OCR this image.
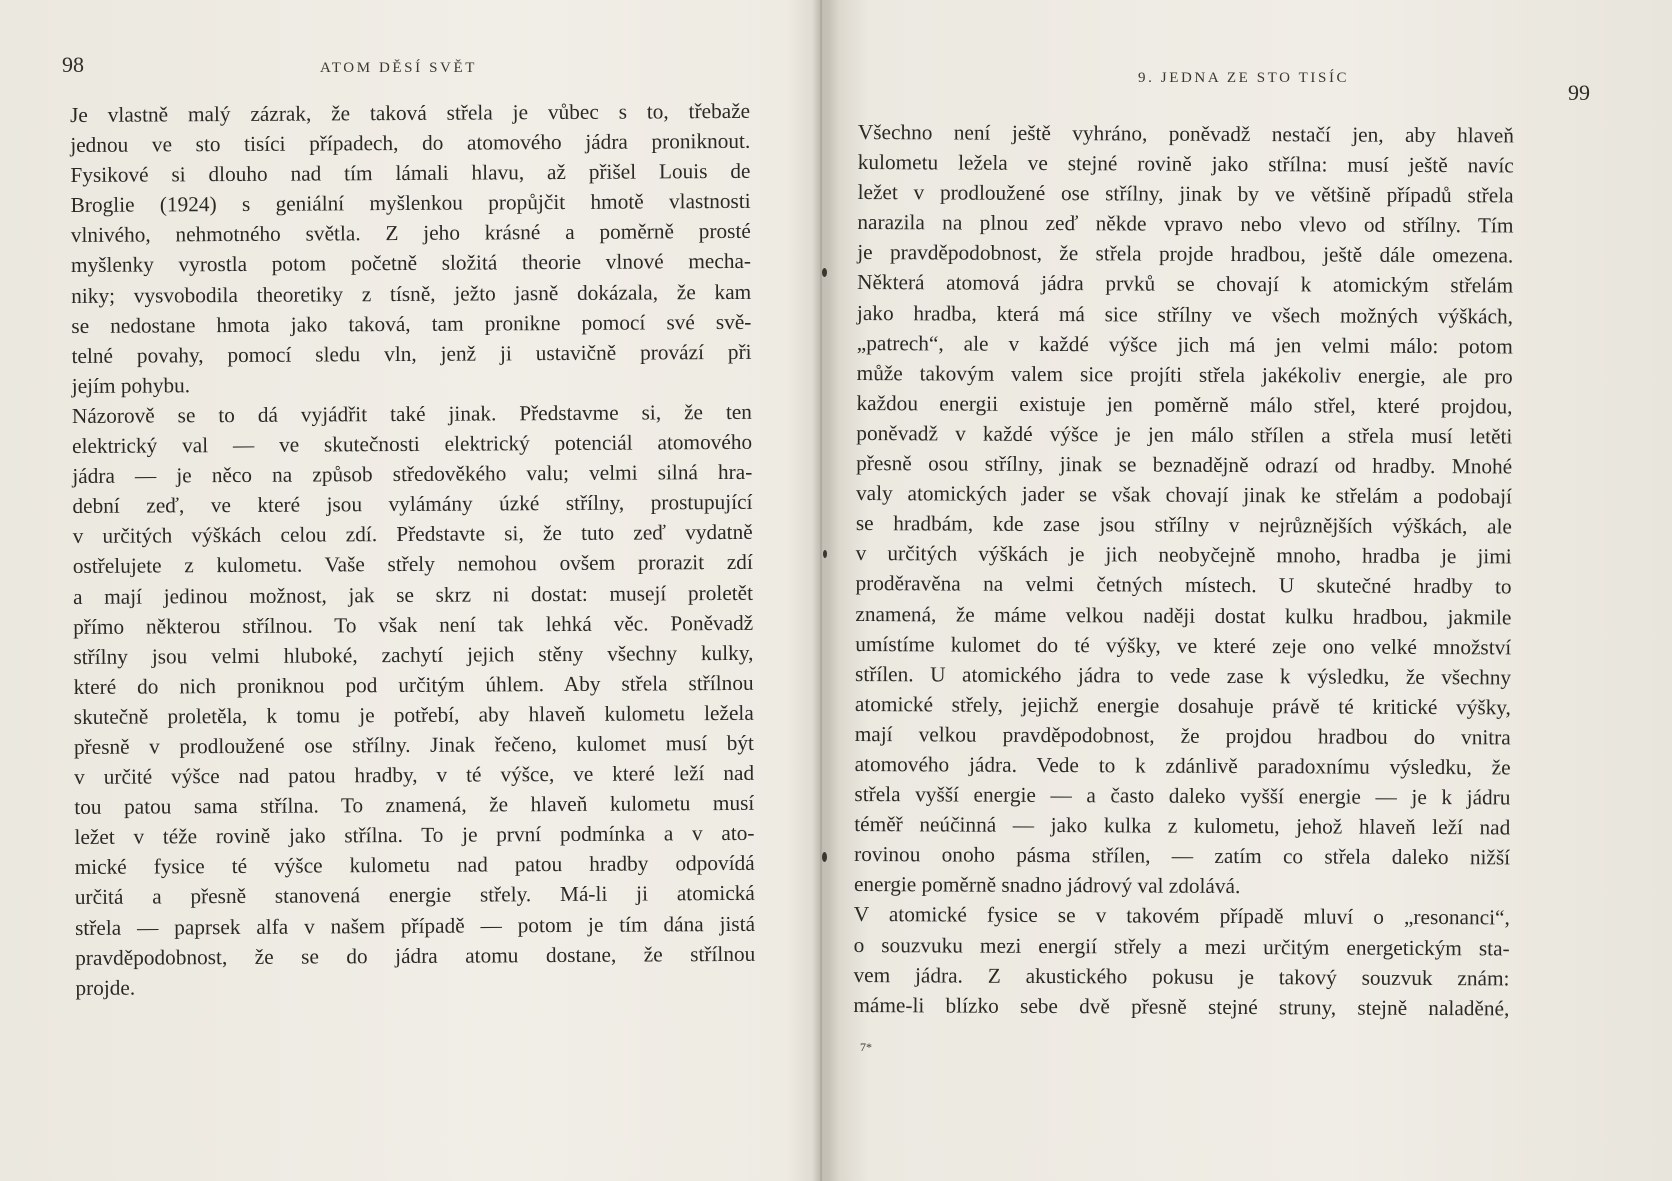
98	ATOM DĚSÍ SVĚT
Je vlastně malý zázrak, že taková střela je vůbec s to, třebaže
jednou ve sto tisíci případech, do atomového jádra proniknout.
Fysikové si dlouho nad tím lámali hlavu, až přišel Louis de
Broglie (1924) s geniální myšlenkou propůjčit hmotě vlastnosti
vlnivého, nehmotného světla. Z jeho krásné a poměrně prosté
myšlenky vyrostla potom početně složitá theorie vlnové mecha-
niky; vysvobodila theoretiky z tísně, ježto jasně dokázala, že kam
se nedostane hmota jako taková, tam pronikne pomocí své svě-
telné povahy, pomocí sledu vln, jenž ji ustavičně provází při
jejím pohybu.
Názorově se to dá vyjádřit také jinak. Představme si, že ten
elektrický val — ve skutečnosti elektrický potenciál atomového
jádra — je něco na způsob středověkého valu; velmi silná hra-
dební zeď, ve které jsou vylámány úzké střílny, prostupující
v určitých výškách celou zdí. Představte si, že tuto zeď vydatně
ostřelujete z kulometu. Vaše střely nemohou ovšem prorazit zdí
a mají jedinou možnost, jak se skrz ni dostat: musejí proletět
přímo některou střílnou. To však není tak lehká věc. Poněvadž
střílny jsou velmi hluboké, zachytí jejich stěny všechny kulky,
které do nich proniknou pod určitým úhlem. Aby střela střílnou
skutečně proletěla, k tomu je potřebí, aby hlaveň kulometu ležela
přesně v prodloužené ose střílny. Jinak řečeno, kulomet musí být
v určité výšce nad patou hradby, v té výšce, ve které leží nad
tou patou sama střílna. To znamená, že hlaveň kulometu musí
ležet v téže rovině jako střílna. To je první podmínka a v ato-
mické fysice té výšce kulometu nad patou hradby odpovídá
určitá a přesně stanovená energie střely. Má-li ji atomická
střela — paprsek alfa v našem případě — potom je tím dána jistá
pravděpodobnost, že se do jádra atomu dostane, že střílnou
projde.
9. JEDNA ZE STO TISÍC
99
Všechno není ještě vyhráno, poněvadž nestačí jen, aby hlaveň
kulometu ležela ve stejné rovině jako střílna: musí ještě navíc
ležet v prodloužené ose střílny, jinak by ve většině případů střela
narazila na plnou zeď někde vpravo nebo vlevo od střílny. Tím
je pravděpodobnost, že střela projde hradbou, ještě dále omezena.
Některá atomová jádra prvků se chovají k atomickým střelám
jako hradba, která má sice střílny ve všech možných výškách,
„patrech“, ale v každé výšce jich má jen velmi málo: potom
může takovým valem sice projíti střela jakékoliv energie, ale pro
každou energii existuje jen poměrně málo střel, které projdou,
poněvadž v každé výšce je jen málo střílen a střela musí letěti
přesně osou střílny, jinak se beznadějně odrazí od hradby. Mnohé
valy atomických jader se však chovají jinak ke střelám a podobají
se hradbám, kde zase jsou střílny v nejrůznějších výškách, ale
v určitých výškách je jich neobyčejně mnoho, hradba je jimi
proděravěna na velmi četných místech. U skutečné hradby to
znamená, že máme velkou naději dostat kulku hradbou, jakmile
umístíme kulomet do té výšky, ve které zeje ono velké množství
střílen. U atomického jádra to vede zase k výsledku, že všechny
atomické střely, jejichž energie dosahuje právě té kritické výšky,
mají velkou pravděpodobnost, že projdou hradbou do vnitra
atomového jádra. Vede to k zdánlivě paradoxnímu výsledku, že
střela vyšší energie — a často daleko vyšší energie — je k jádru
téměř neúčinná — jako kulka z kulometu, jehož hlaveň leží nad
rovinou onoho pásma střílen, — zatím co střela daleko nižší
energie poměrně snadno jádrový val zdolává.
V atomické fysice se v takovém případě mluví o „resonanci“,
o souzvuku mezi energií střely a mezi určitým energetickým sta-
vem jádra. Z akustického pokusu je takový souzvuk znám:
máme-li blízko sebe dvě přesně stejné struny, stejně naladěné,
7*
